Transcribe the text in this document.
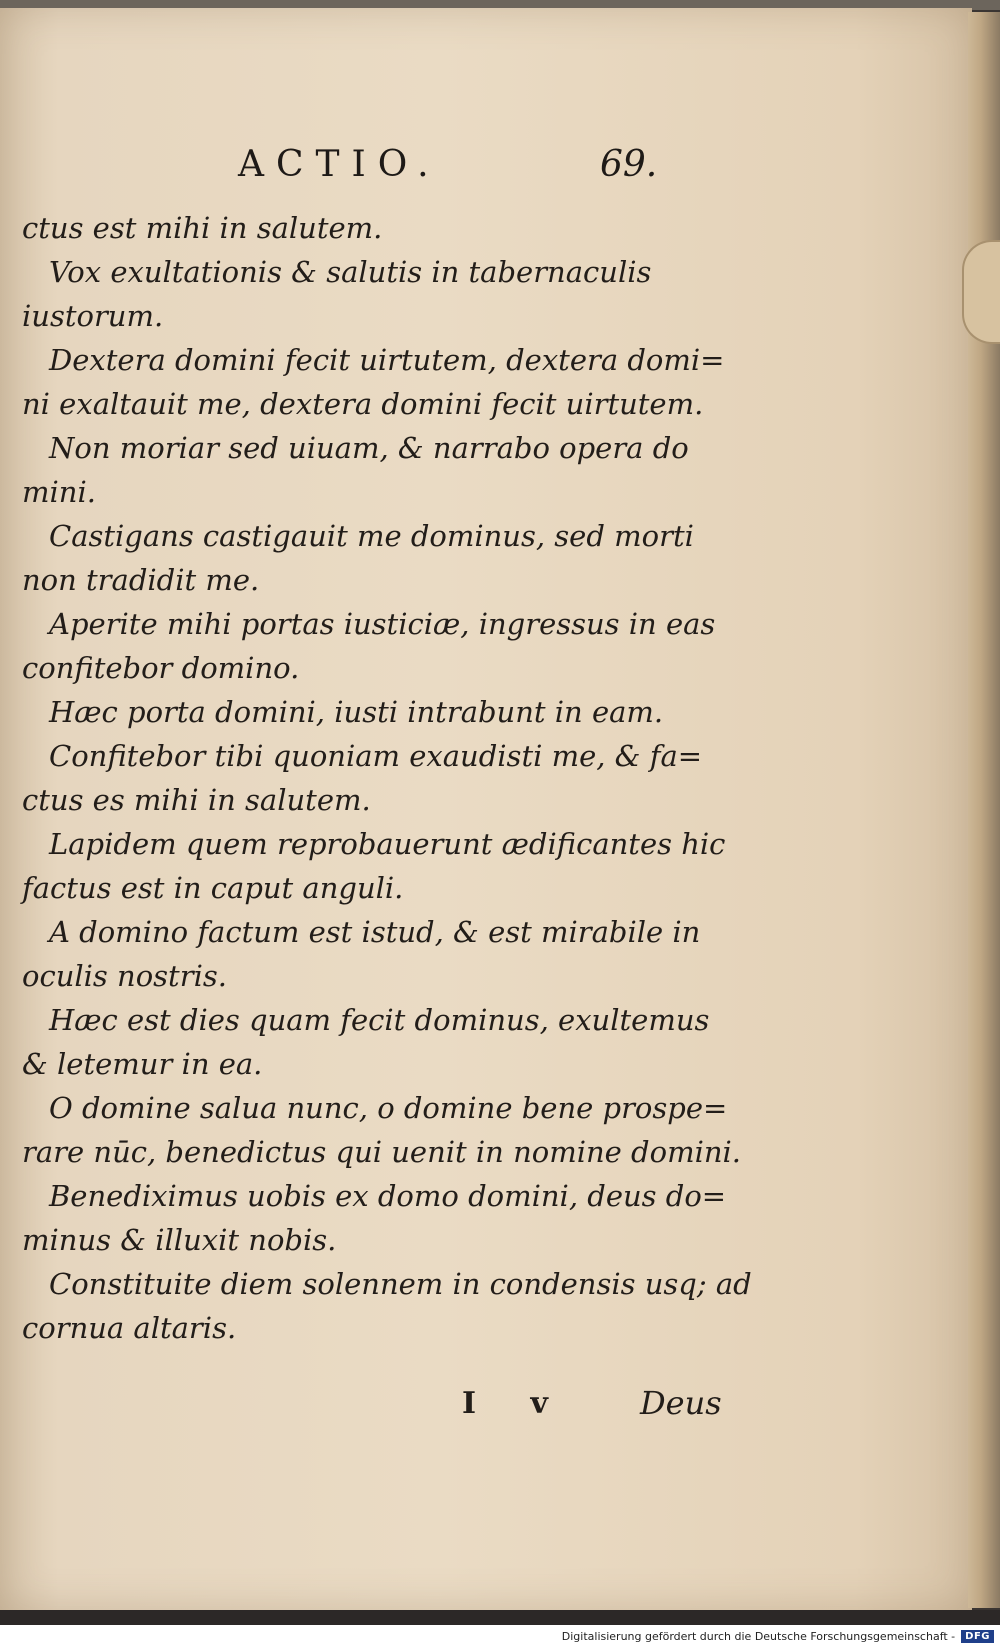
ACTIO.	69.
ctus est mihi in salutem.
Vox exultationis & salutis in tabernaculis
iustorum.
Dextera domini fecit uirtutem, dextera domi=
ni exaltauit me, dextera domini fecit uirtutem.
Non moriar sed uiuam, & narrabo opera do
mini.
Castigans castigauit me dominus, sed morti
non tradidit me.
Aperite mihi portas iusticiæ, ingressus in eas
confitebor domino.
Hæc porta domini, iusti intrabunt in eam.
Confitebor tibi quoniam exaudisti me, & fa=
ctus es mihi in salutem.
Lapidem quem reprobauerunt ædificantes hic
factus est in caput anguli.
A domino factum est istud, & est mirabile in
oculis nostris.
Hæc est dies quam fecit dominus, exultemus
& letemur in ea.
O domine salua nunc, o domine bene prospe=
rare nūc, benedictus qui uenit in nomine domini.
Benediximus uobis ex domo domini, deus do=
minus & illuxit nobis.
Constituite diem solennem in condensis usq; ad
cornua altaris.
I v Deus
Digitalisierung gefördert durch die Deutsche Forschungsgemeinschaft -	DFG
